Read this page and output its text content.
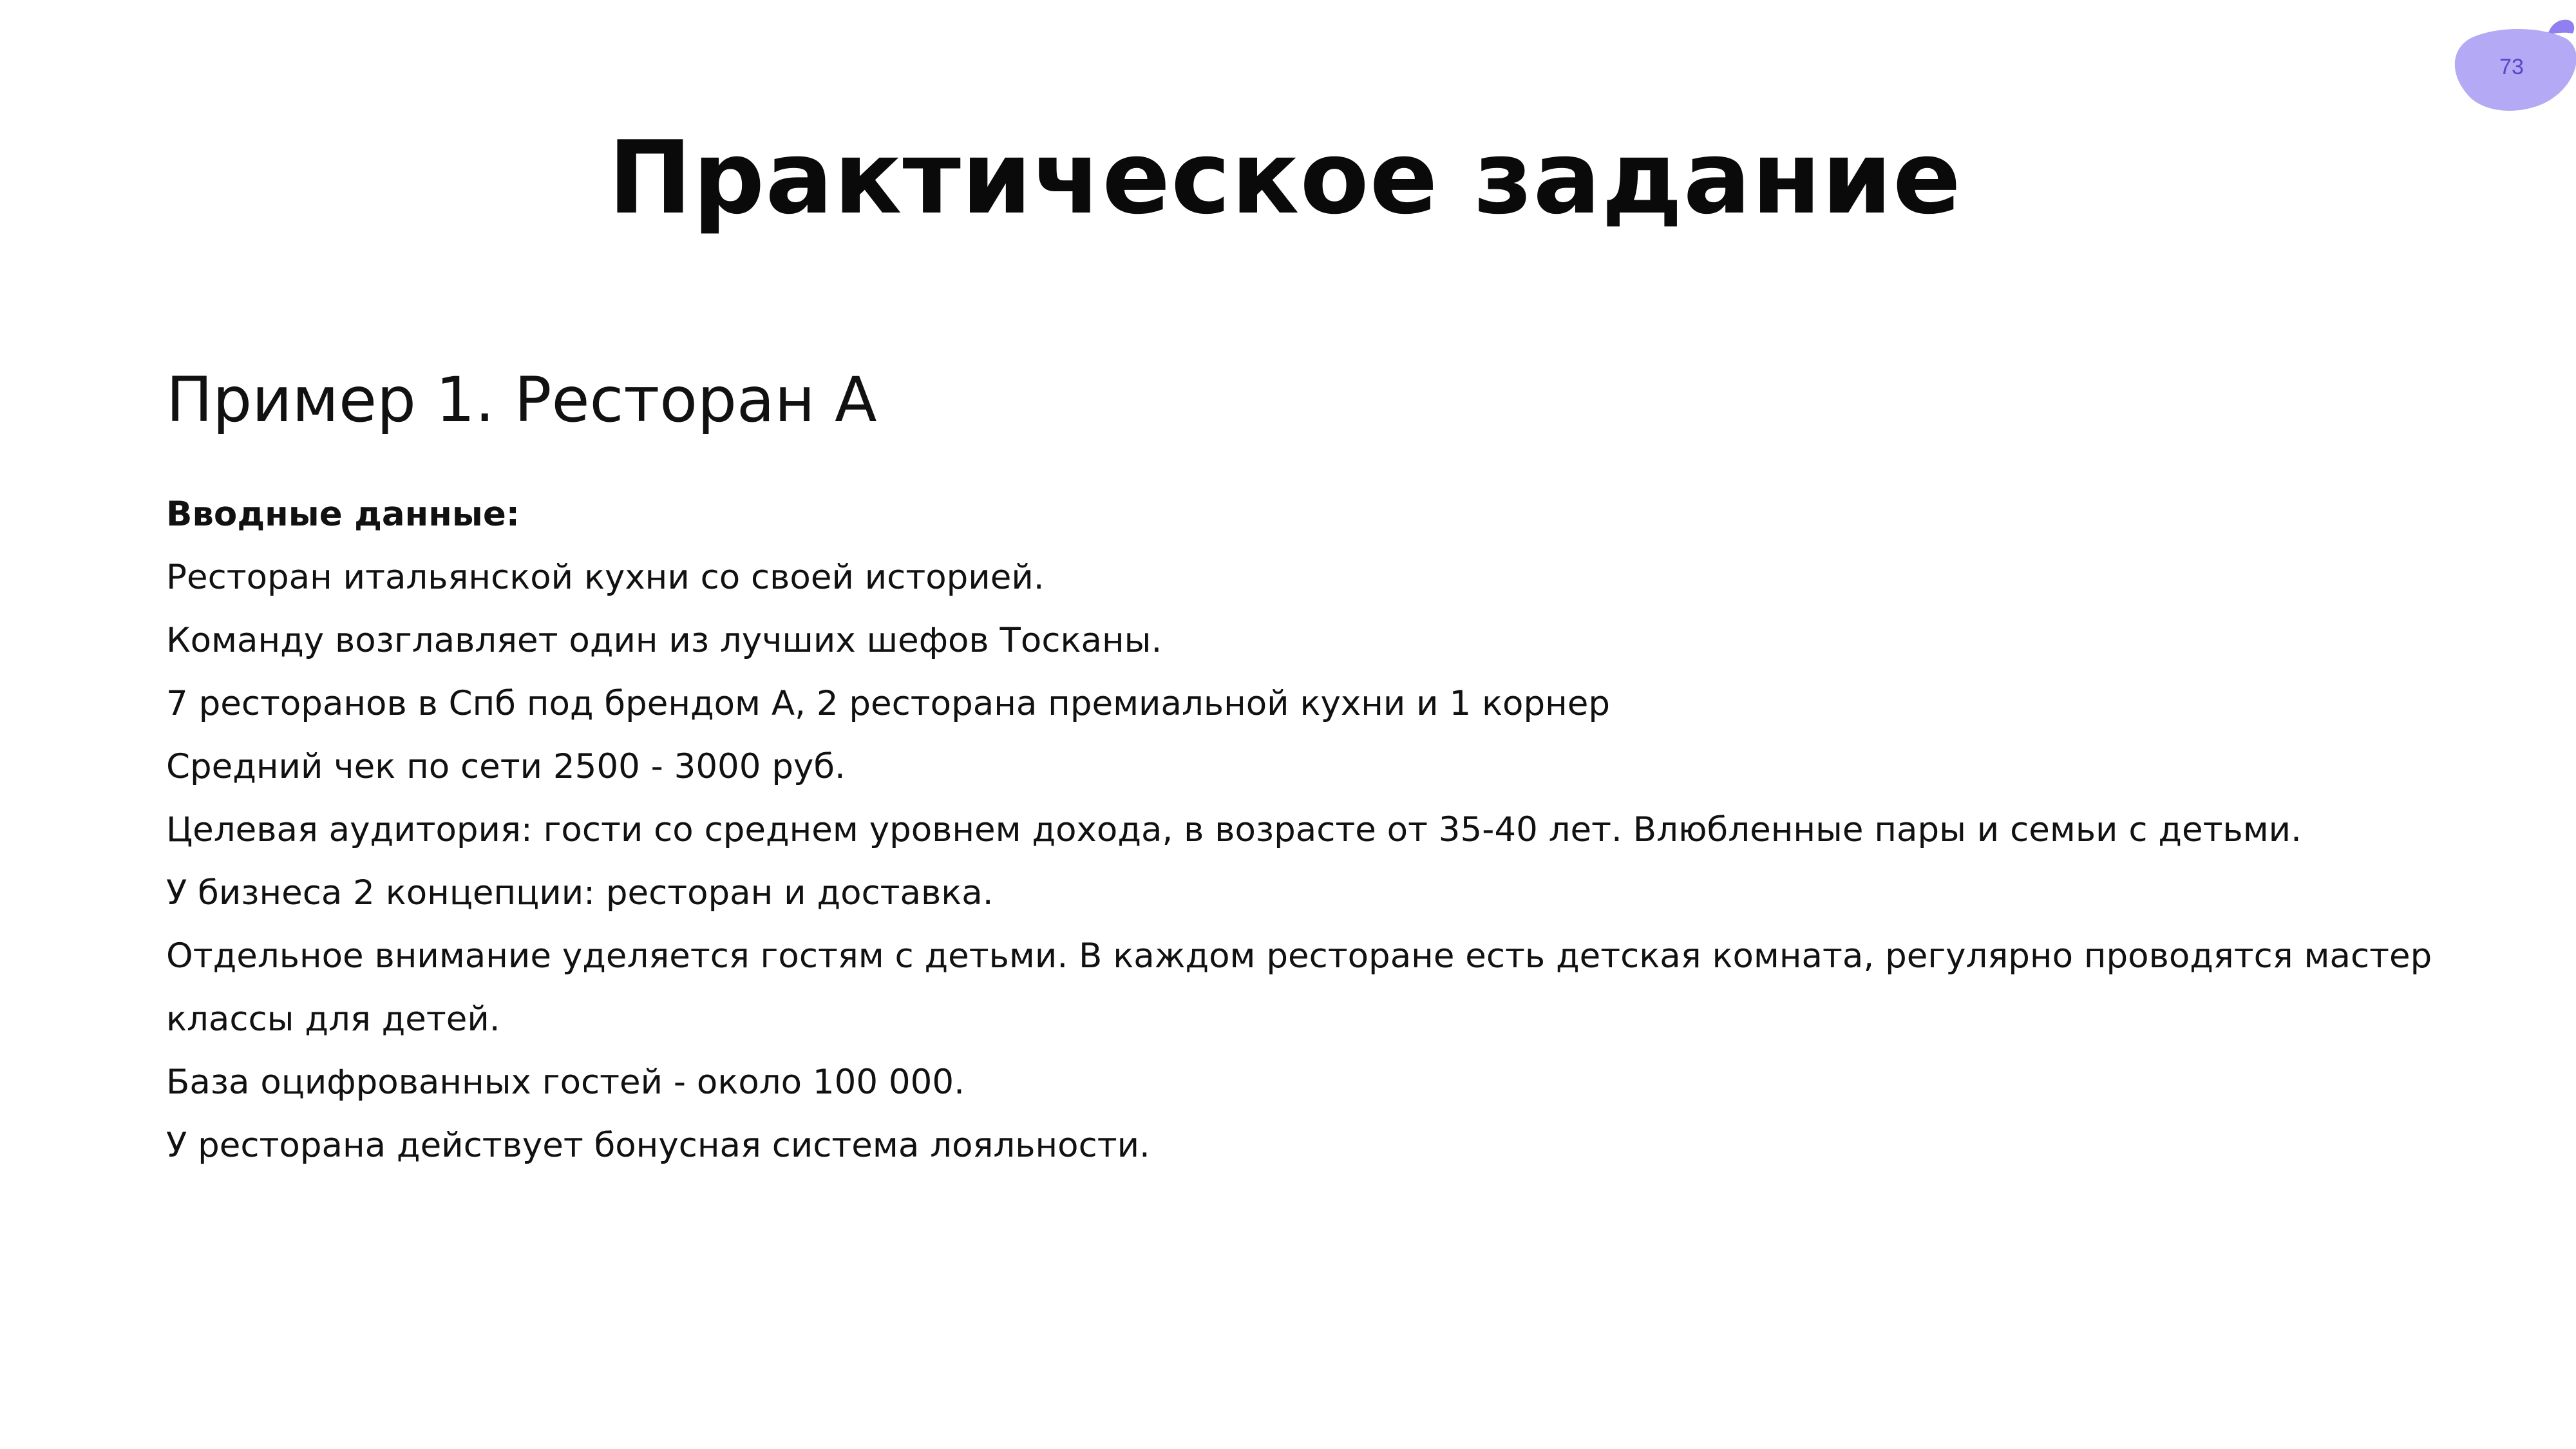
73
Практическое задание
Пример 1. Ресторан А
Вводные данные:
Ресторан итальянской кухни со своей историей.
Команду возглавляет один из лучших шефов Тосканы.
7 ресторанов в Спб под брендом А, 2 ресторана премиальной кухни и 1 корнер
Средний чек по сети 2500 - 3000 руб.
Целевая аудитория: гости со среднем уровнем дохода, в возрасте от 35-40 лет. Влюбленные пары и семьи с детьми.
У бизнеса 2 концепции: ресторан и доставка.
Отдельное внимание уделяется гостям с детьми. В каждом ресторане есть детская комната, регулярно проводятся мастер классы для детей.
База оцифрованных гостей - около 100 000.
У ресторана действует бонусная система лояльности.
